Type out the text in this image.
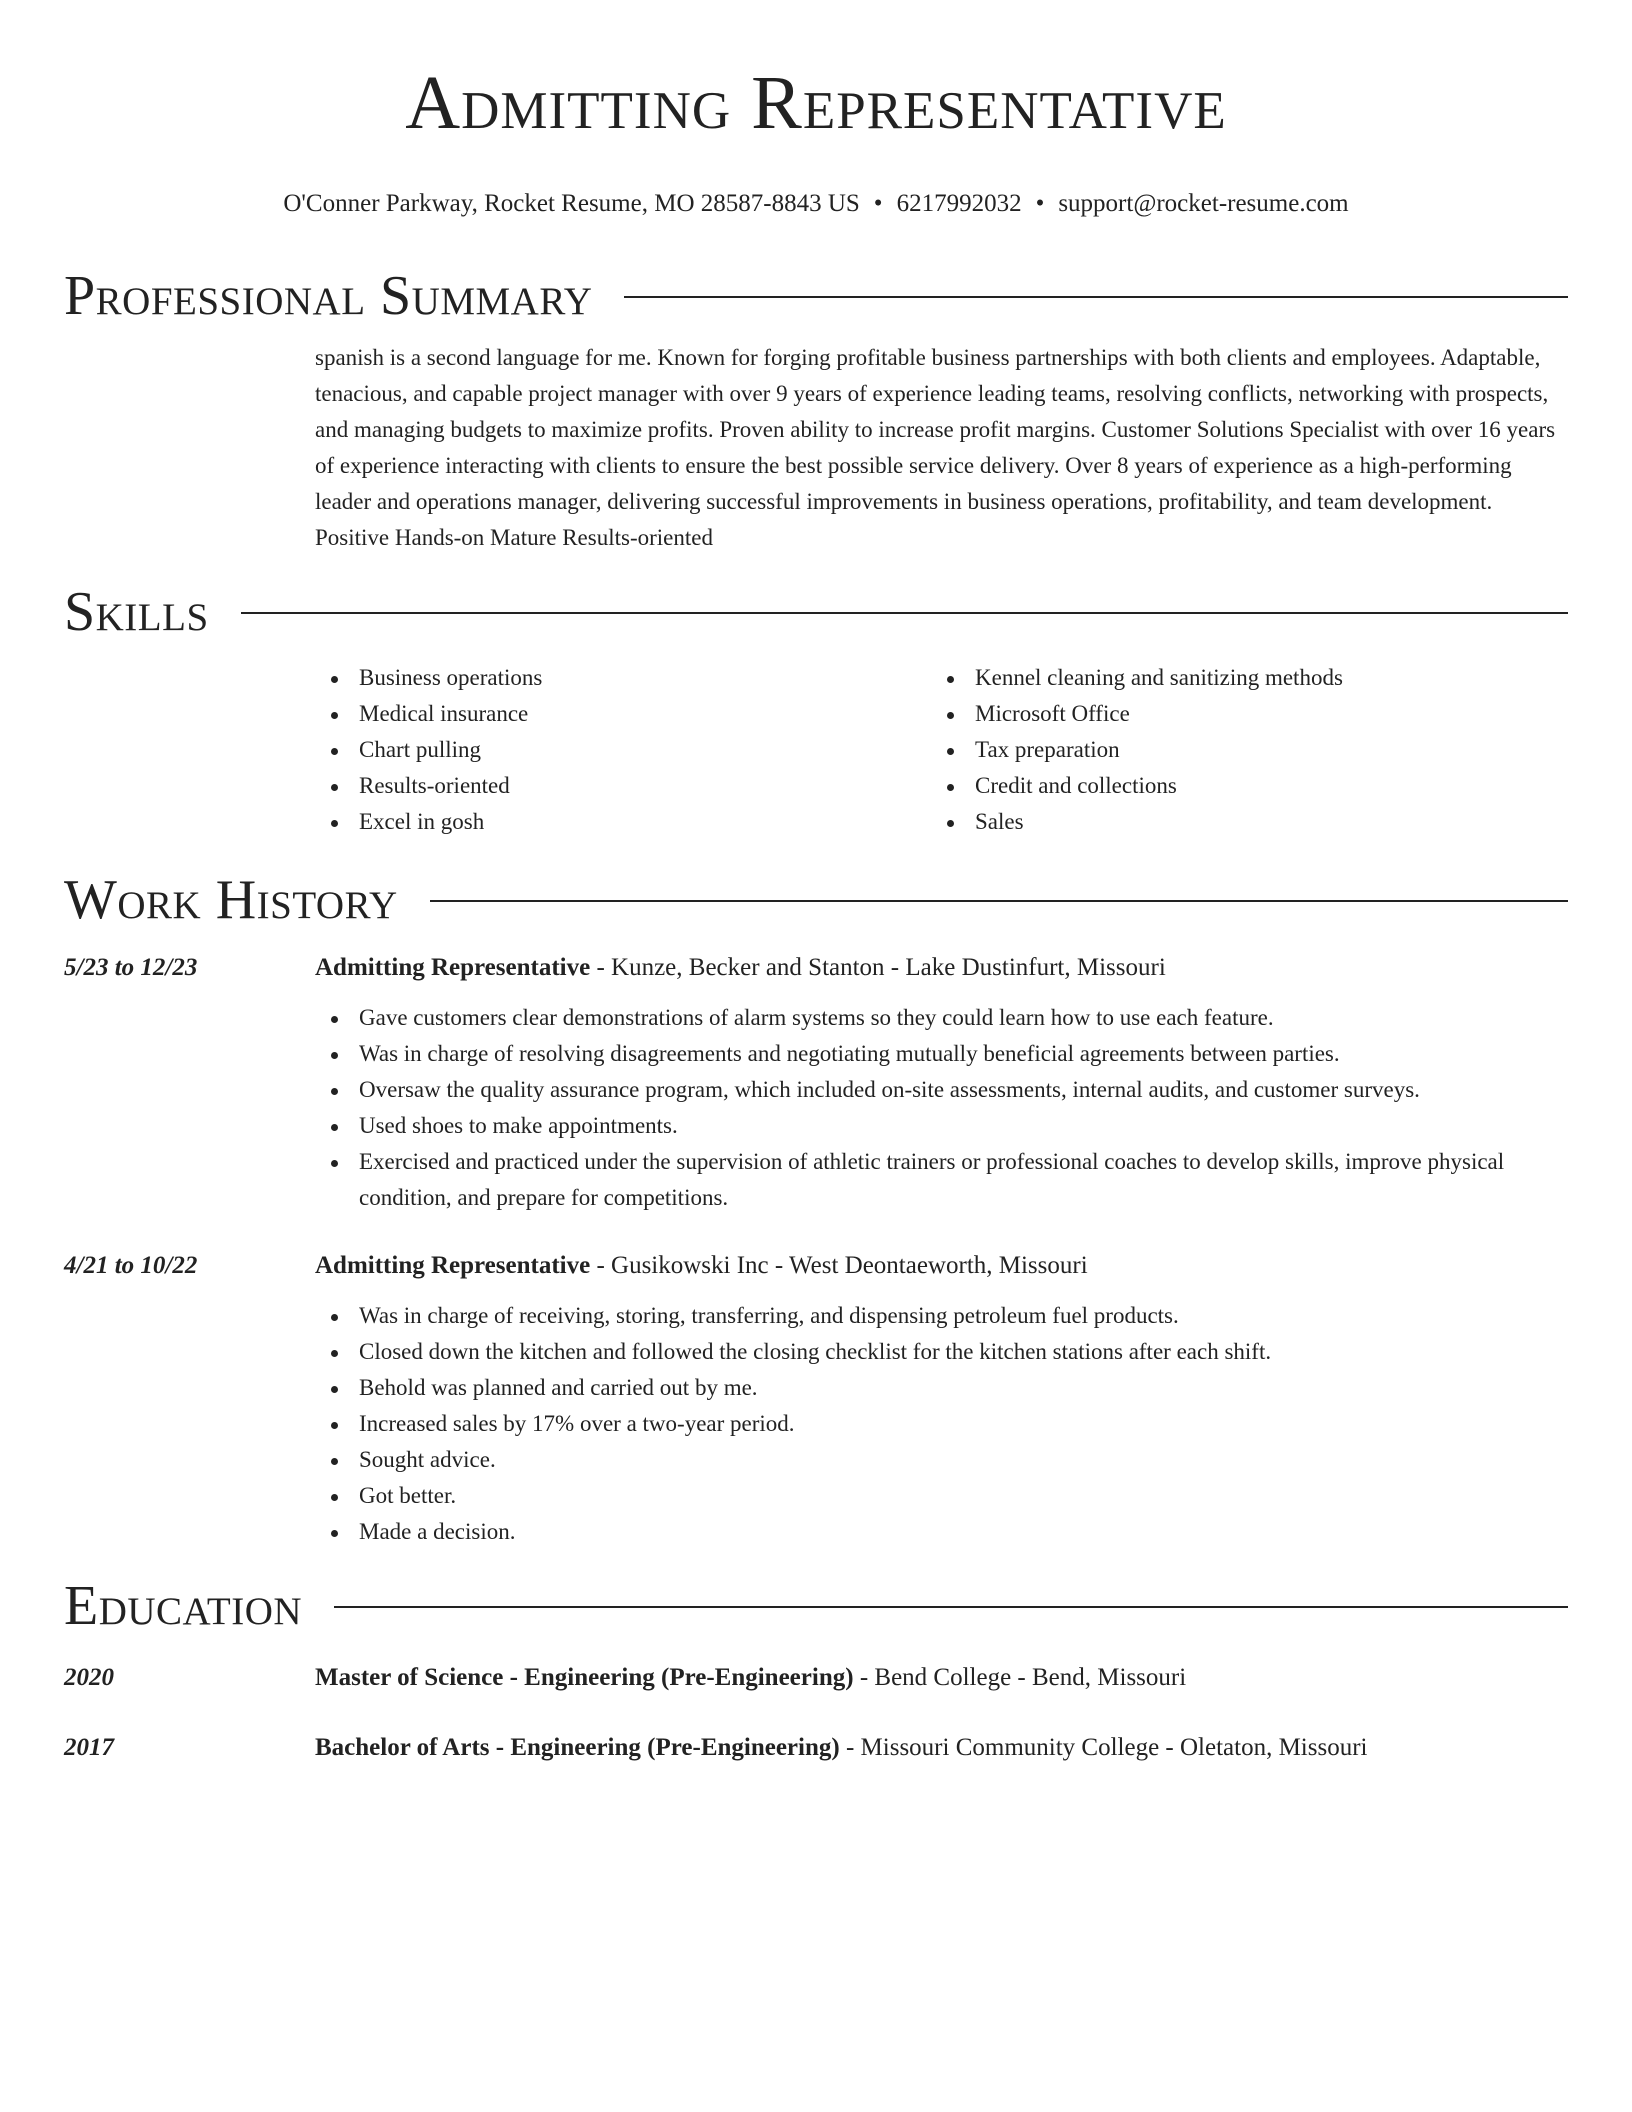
Admitting Representative
O'Conner Parkway, Rocket Resume, MO 28587-8843 US • 6217992032 • support@rocket-resume.com
Professional Summary
spanish is a second language for me. Known for forging profitable business partnerships with both clients and employees. Adaptable, tenacious, and capable project manager with over 9 years of experience leading teams, resolving conflicts, networking with prospects, and managing budgets to maximize profits. Proven ability to increase profit margins. Customer Solutions Specialist with over 16 years of experience interacting with clients to ensure the best possible service delivery. Over 8 years of experience as a high-performing leader and operations manager, delivering successful improvements in business operations, profitability, and team development. Positive Hands-on Mature Results-oriented
Skills
Business operations
Medical insurance
Chart pulling
Results-oriented
Excel in gosh
Kennel cleaning and sanitizing methods
Microsoft Office
Tax preparation
Credit and collections
Sales
Work History
5/23 to 12/23	Admitting Representative - Kunze, Becker and Stanton - Lake Dustinfurt, Missouri
Gave customers clear demonstrations of alarm systems so they could learn how to use each feature.
Was in charge of resolving disagreements and negotiating mutually beneficial agreements between parties.
Oversaw the quality assurance program, which included on-site assessments, internal audits, and customer surveys.
Used shoes to make appointments.
Exercised and practiced under the supervision of athletic trainers or professional coaches to develop skills, improve physical condition, and prepare for competitions.
4/21 to 10/22	Admitting Representative - Gusikowski Inc - West Deontaeworth, Missouri
Was in charge of receiving, storing, transferring, and dispensing petroleum fuel products.
Closed down the kitchen and followed the closing checklist for the kitchen stations after each shift.
Behold was planned and carried out by me.
Increased sales by 17% over a two-year period.
Sought advice.
Got better.
Made a decision.
Education
2020	Master of Science - Engineering (Pre-Engineering) - Bend College - Bend, Missouri
2017	Bachelor of Arts - Engineering (Pre-Engineering) - Missouri Community College - Oletaton, Missouri
